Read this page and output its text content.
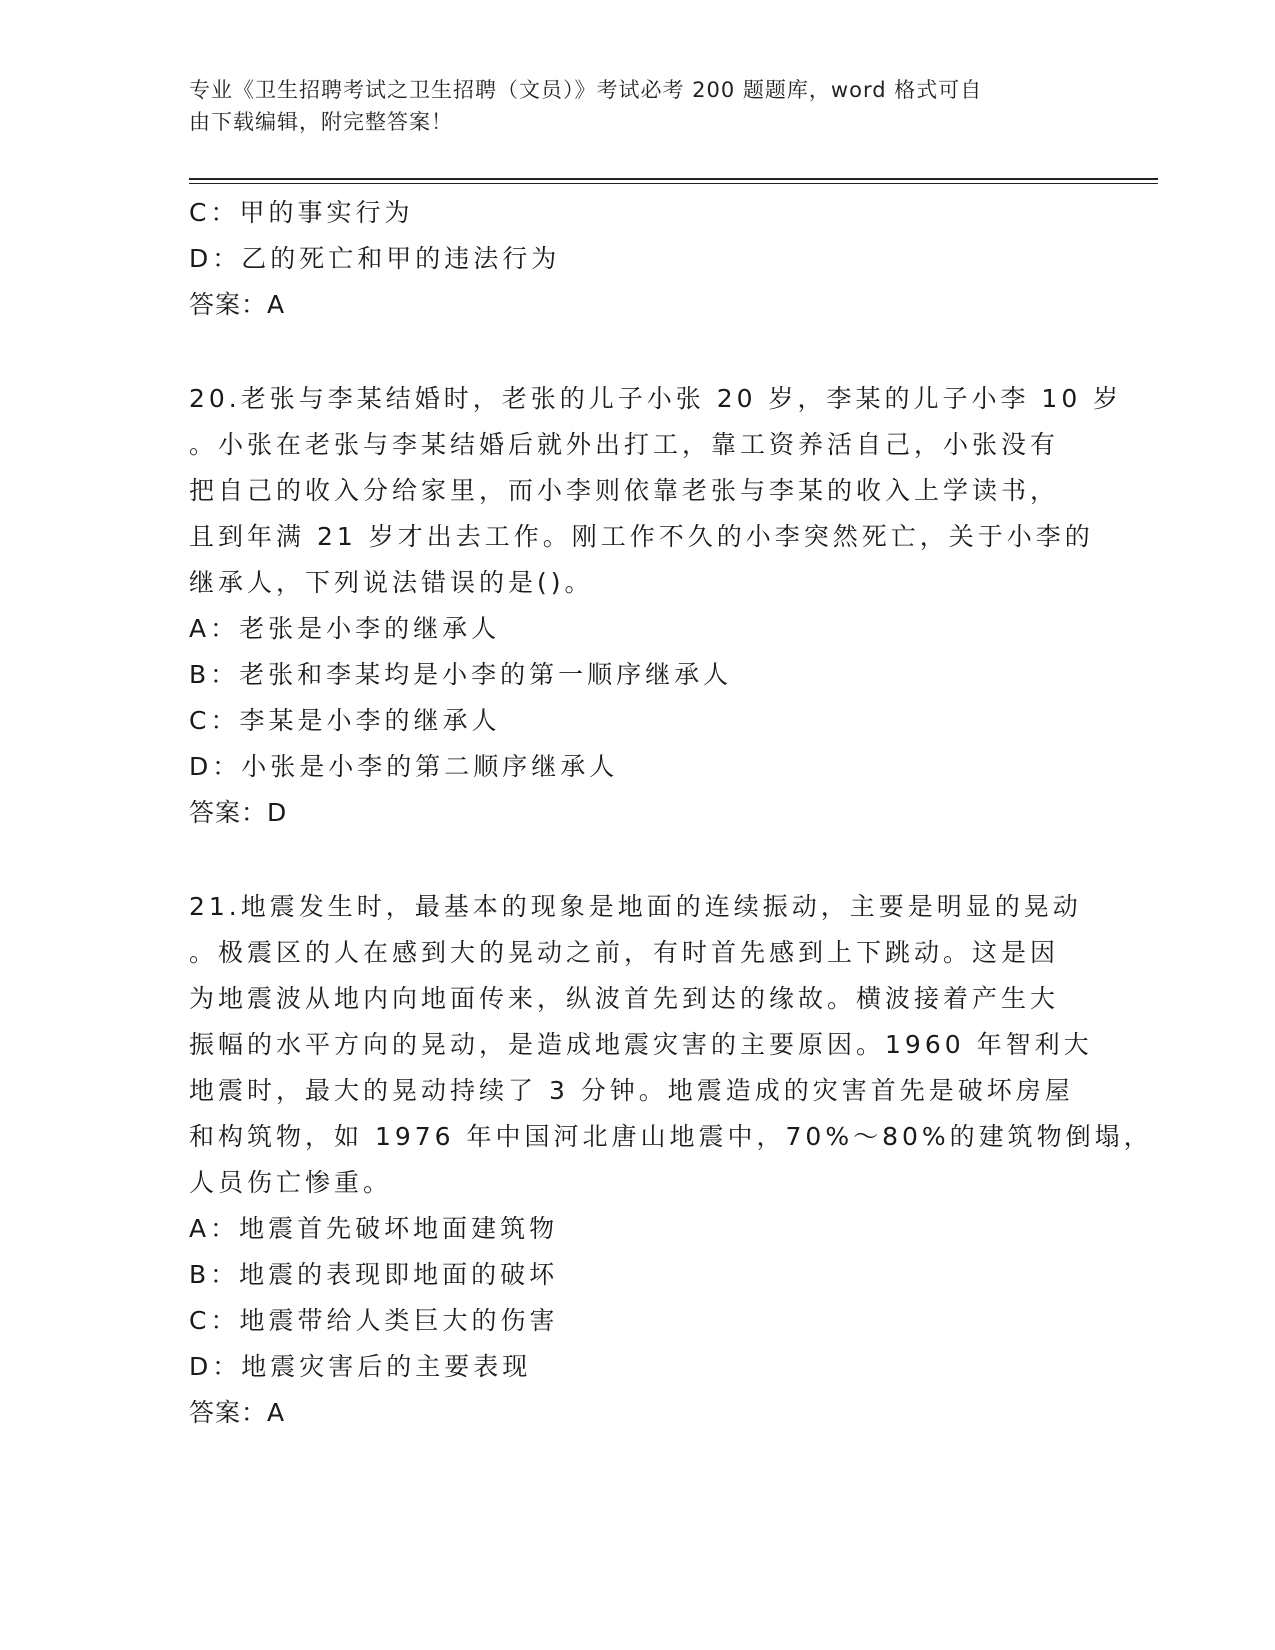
专业《卫生招聘考试之卫生招聘（文员）》考试必考 200 题题库，word 格式可自
由下载编辑，附完整答案！
C：甲的事实行为
D：乙的死亡和甲的违法行为
答案：A
20.老张与李某结婚时，老张的儿子小张 20 岁，李某的儿子小李 10 岁
。小张在老张与李某结婚后就外出打工，靠工资养活自己，小张没有
把自己的收入分给家里，而小李则依靠老张与李某的收入上学读书，
且到年满 21 岁才出去工作。刚工作不久的小李突然死亡，关于小李的
继承人，下列说法错误的是()。
A：老张是小李的继承人
B：老张和李某均是小李的第一顺序继承人
C：李某是小李的继承人
D：小张是小李的第二顺序继承人
答案：D
21.地震发生时，最基本的现象是地面的连续振动，主要是明显的晃动
。极震区的人在感到大的晃动之前，有时首先感到上下跳动。这是因
为地震波从地内向地面传来，纵波首先到达的缘故。横波接着产生大
振幅的水平方向的晃动，是造成地震灾害的主要原因。1960 年智利大
地震时，最大的晃动持续了 3 分钟。地震造成的灾害首先是破坏房屋
和构筑物，如 1976 年中国河北唐山地震中，70%～80%的建筑物倒塌，
人员伤亡惨重。
A：地震首先破坏地面建筑物
B：地震的表现即地面的破坏
C：地震带给人类巨大的伤害
D：地震灾害后的主要表现
答案：A
